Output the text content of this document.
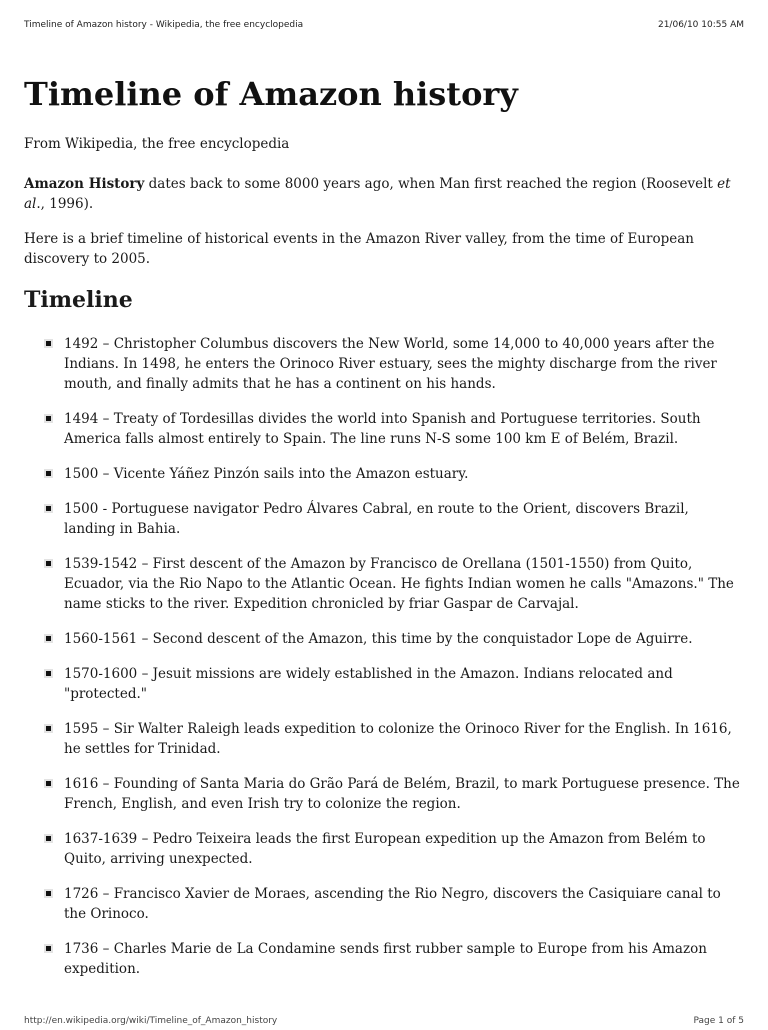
Timeline of Amazon history - Wikipedia, the free encyclopedia	21/06/10 10:55 AM
Timeline of Amazon history
From Wikipedia, the free encyclopedia

Amazon History dates back to some 8000 years ago, when Man first reached the region (Roosevelt et al., 1996).

Here is a brief timeline of historical events in the Amazon River valley, from the time of European discovery to 2005.

Timeline
1492 – Christopher Columbus discovers the New World, some 14,000 to 40,000 years after the Indians. In 1498, he enters the Orinoco River estuary, sees the mighty discharge from the river mouth, and finally admits that he has a continent on his hands.
1494 – Treaty of Tordesillas divides the world into Spanish and Portuguese territories. South America falls almost entirely to Spain. The line runs N-S some 100 km E of Belém, Brazil.
1500 – Vicente Yáñez Pinzón sails into the Amazon estuary.
1500 - Portuguese navigator Pedro Álvares Cabral, en route to the Orient, discovers Brazil, landing in Bahia.
1539-1542 – First descent of the Amazon by Francisco de Orellana (1501-1550) from Quito, Ecuador, via the Rio Napo to the Atlantic Ocean. He fights Indian women he calls "Amazons." The name sticks to the river. Expedition chronicled by friar Gaspar de Carvajal.
1560-1561 – Second descent of the Amazon, this time by the conquistador Lope de Aguirre.
1570-1600 – Jesuit missions are widely established in the Amazon. Indians relocated and "protected."
1595 – Sir Walter Raleigh leads expedition to colonize the Orinoco River for the English. In 1616, he settles for Trinidad.
1616 – Founding of Santa Maria do Grão Pará de Belém, Brazil, to mark Portuguese presence. The French, English, and even Irish try to colonize the region.
1637-1639 – Pedro Teixeira leads the first European expedition up the Amazon from Belém to Quito, arriving unexpected.
1726 – Francisco Xavier de Moraes, ascending the Rio Negro, discovers the Casiquiare canal to the Orinoco.
1736 – Charles Marie de La Condamine sends first rubber sample to Europe from his Amazon expedition.
http://en.wikipedia.org/wiki/Timeline_of_Amazon_history	Page 1 of 5
